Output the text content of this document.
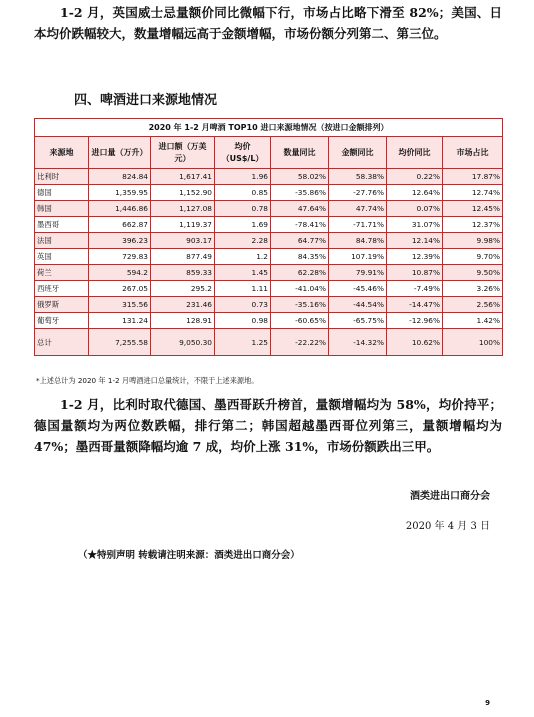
1-2 月，英国威士忌量额价同比微幅下行，市场占比略下滑至 82%；美国、日本均价跌幅较大，数量增幅远高于金额增幅，市场份额分列第二、第三位。

四、啤酒进口来源地情况

2020 年 1-2 月啤酒 TOP10 进口来源地情况（按进口金额排列）							
来源地	进口量（万升）	进口额（万美元）	均价（US$/L）	数量同比	金额同比	均价同比	市场占比
比利时	824.84	1,617.41	1.96	58.02%	58.38%	0.22%	17.87%
德国	1,359.95	1,152.90	0.85	-35.86%	-27.76%	12.64%	12.74%
韩国	1,446.86	1,127.08	0.78	47.64%	47.74%	0.07%	12.45%
墨西哥	662.87	1,119.37	1.69	-78.41%	-71.71%	31.07%	12.37%
法国	396.23	903.17	2.28	64.77%	84.78%	12.14%	9.98%
英国	729.83	877.49	1.2	84.35%	107.19%	12.39%	9.70%
荷兰	594.2	859.33	1.45	62.28%	79.91%	10.87%	9.50%
西班牙	267.05	295.2	1.11	-41.04%	-45.46%	-7.49%	3.26%
俄罗斯	315.56	231.46	0.73	-35.16%	-44.54%	-14.47%	2.56%
葡萄牙	131.24	128.91	0.98	-60.65%	-65.75%	-12.96%	1.42%
总计	7,255.58	9,050.30	1.25	-22.22%	-14.32%	10.62%	100%

*上述总计为 2020 年 1-2 月啤酒进口总量统计，不限于上述来源地。

1-2 月，比利时取代德国、墨西哥跃升榜首，量额增幅均为 58%，均价持平；德国量额均为两位数跌幅，排行第二；韩国超越墨西哥位列第三，量额增幅均为 47%；墨西哥量额降幅均逾 7 成，均价上涨 31%，市场份额跌出三甲。

酒类进出口商分会

2020 年 4 月 3 日

（★特别声明 转载请注明来源：酒类进出口商分会）

9
